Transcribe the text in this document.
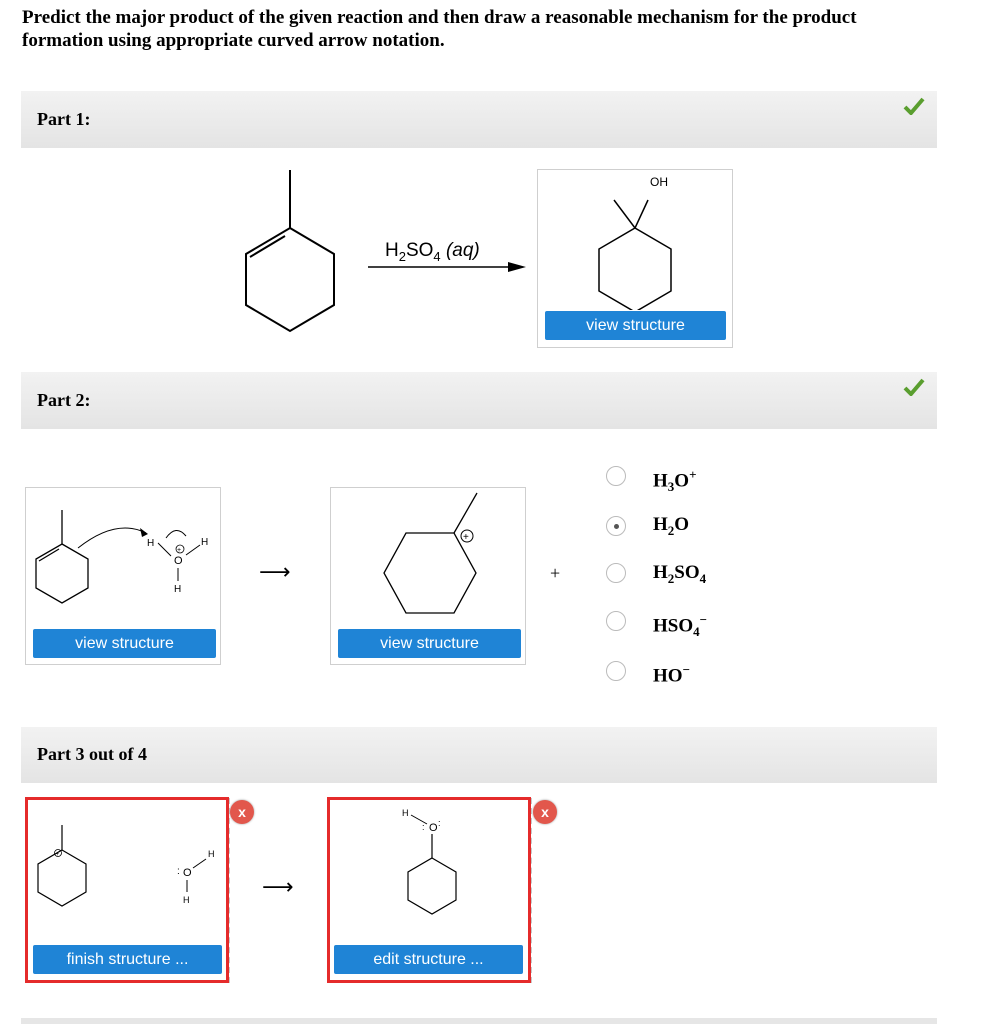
Predict the major product of the given reaction and then draw a reasonable mechanism for the product formation using appropriate curved arrow notation.
Part 1:
$H_2SO_4$ (aq)
OH
view structure
Part 2:
H
+
O
H
H
view structure
⟶
+
view structure
+
$H_3O^+$
$H_2O$
$H_2SO_4$
$HSO_4^-$
HO−
Part 3 out of 4
x
+
: O
H
H
finish structure ...
⟶
x
H
: O :
edit structure ...
